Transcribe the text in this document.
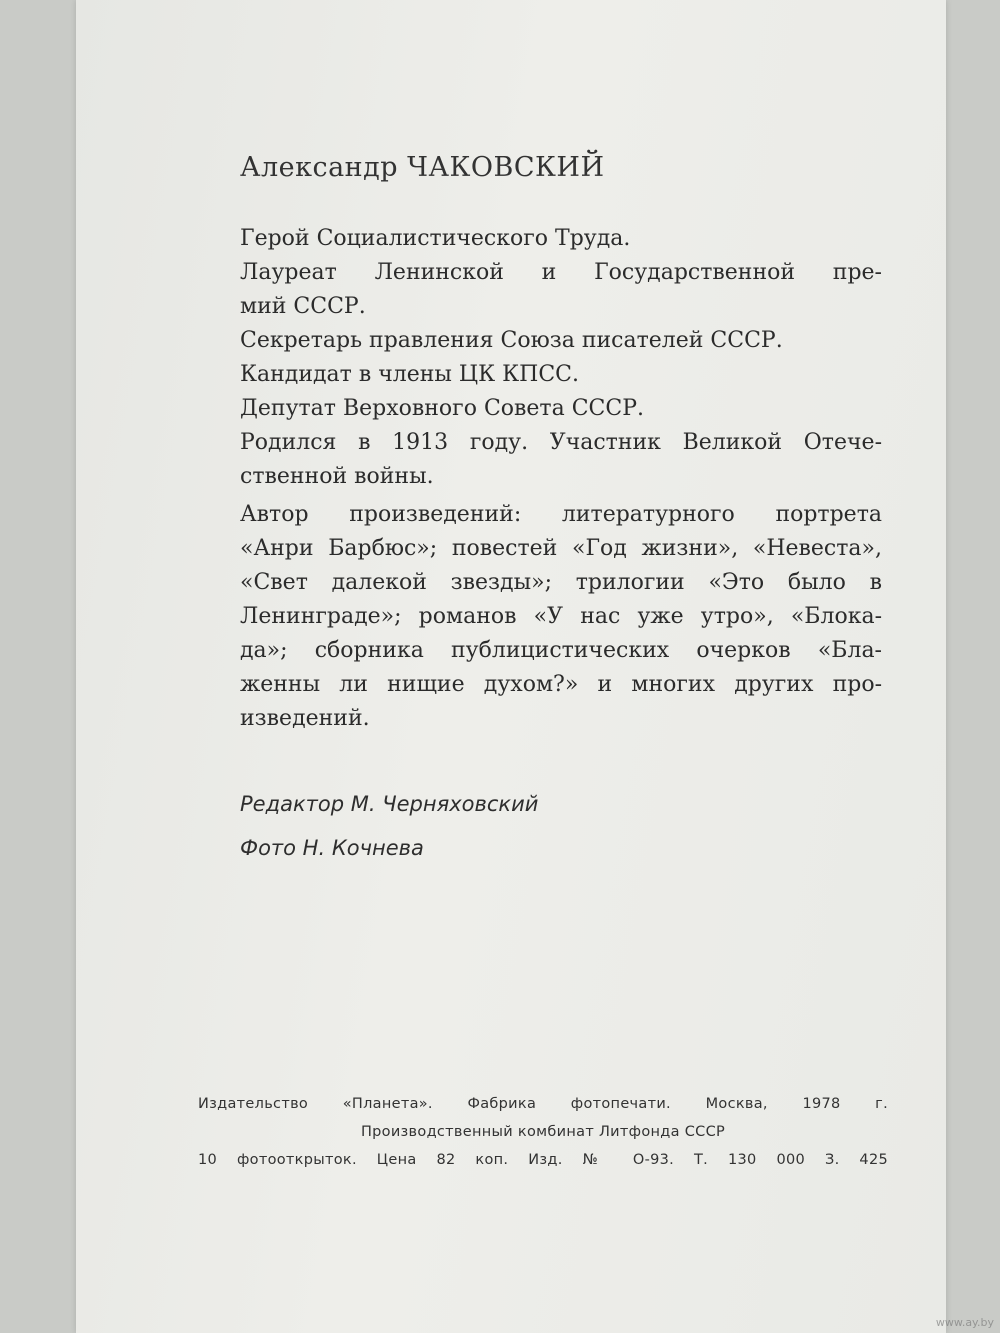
Александр ЧАКОВСКИЙ
Герой Социалистического Труда.
Лауреат Ленинской и Государственной пре-
мий СССР.
Секретарь правления Союза писателей СССР.
Кандидат в члены ЦК КПСС.
Депутат Верховного Совета СССР.
Родился в 1913 году. Участник Великой Отече-
ственной войны.
Автор произведений: литературного портрета
«Анри Барбюс»; повестей «Год жизни», «Невеста»,
«Свет далекой звезды»; трилогии «Это было в
Ленинграде»; романов «У нас уже утро», «Блока-
да»; сборника публицистических очерков «Бла-
женны ли нищие духом?» и многих других про-
изведений.
Редактор М. Черняховский
Фото Н. Кочнева
Издательство «Планета». Фабрика фотопечати. Москва, 1978 г.
Производственный комбинат Литфонда СССР
10 фотооткрыток. Цена 82 коп. Изд. № О-93. Т. 130 000 З. 425
www.ay.by
